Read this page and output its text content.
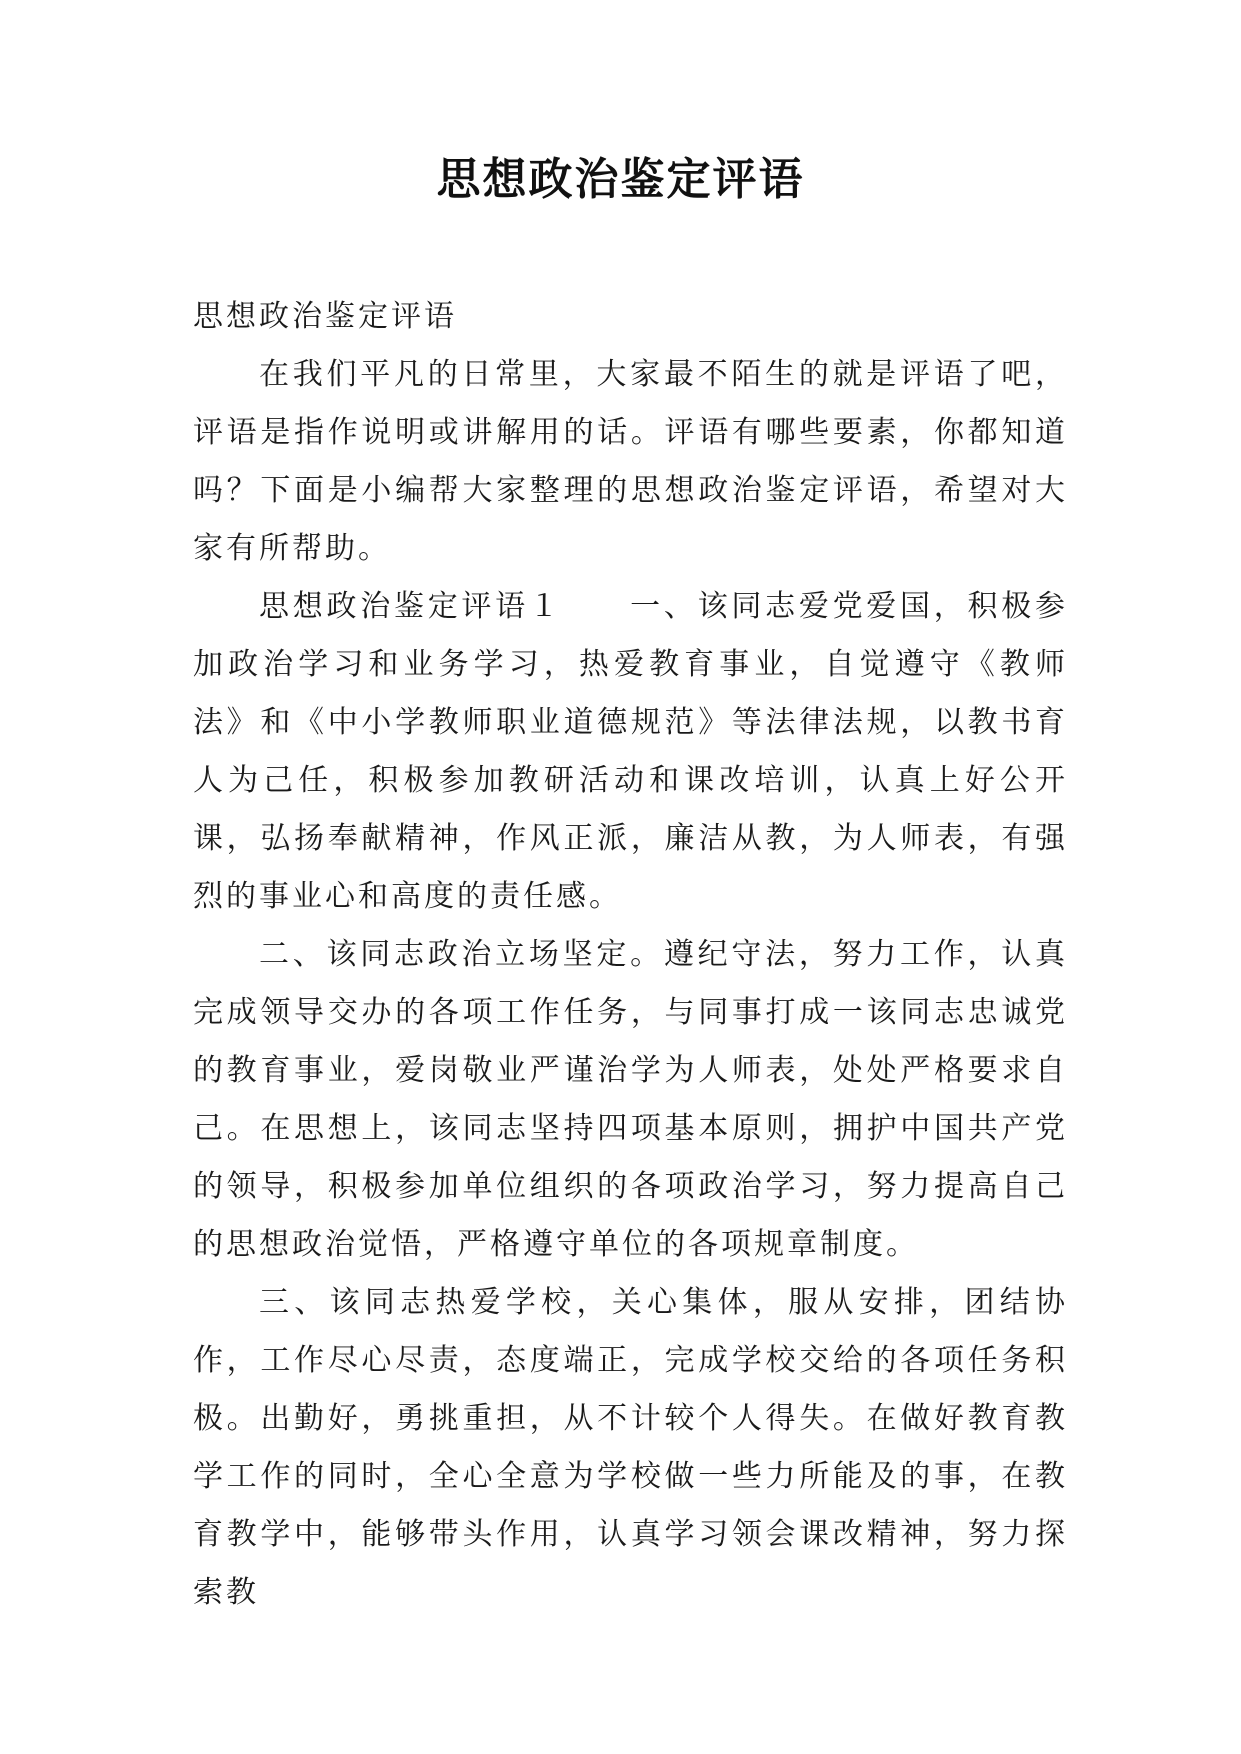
思想政治鉴定评语

思想政治鉴定评语

在我们平凡的日常里，大家最不陌生的就是评语了吧，评语是指作说明或讲解用的话。评语有哪些要素，你都知道吗？下面是小编帮大家整理的思想政治鉴定评语，希望对大家有所帮助。

思想政治鉴定评语１　　一、该同志爱党爱国，积极参加政治学习和业务学习，热爱教育事业，自觉遵守《教师法》和《中小学教师职业道德规范》等法律法规，以教书育人为己任，积极参加教研活动和课改培训，认真上好公开课，弘扬奉献精神，作风正派，廉洁从教，为人师表，有强烈的事业心和高度的责任感。

二、该同志政治立场坚定。遵纪守法，努力工作，认真完成领导交办的各项工作任务，与同事打成一该同志忠诚党的教育事业，爱岗敬业严谨治学为人师表，处处严格要求自己。在思想上，该同志坚持四项基本原则，拥护中国共产党的领导，积极参加单位组织的各项政治学习，努力提高自己的思想政治觉悟，严格遵守单位的各项规章制度。

三、该同志热爱学校，关心集体，服从安排，团结协作，工作尽心尽责，态度端正，完成学校交给的各项任务积极。出勤好，勇挑重担，从不计较个人得失。在做好教育教学工作的同时，全心全意为学校做一些力所能及的事，在教育教学中，能够带头作用，认真学习领会课改精神，努力探索教
